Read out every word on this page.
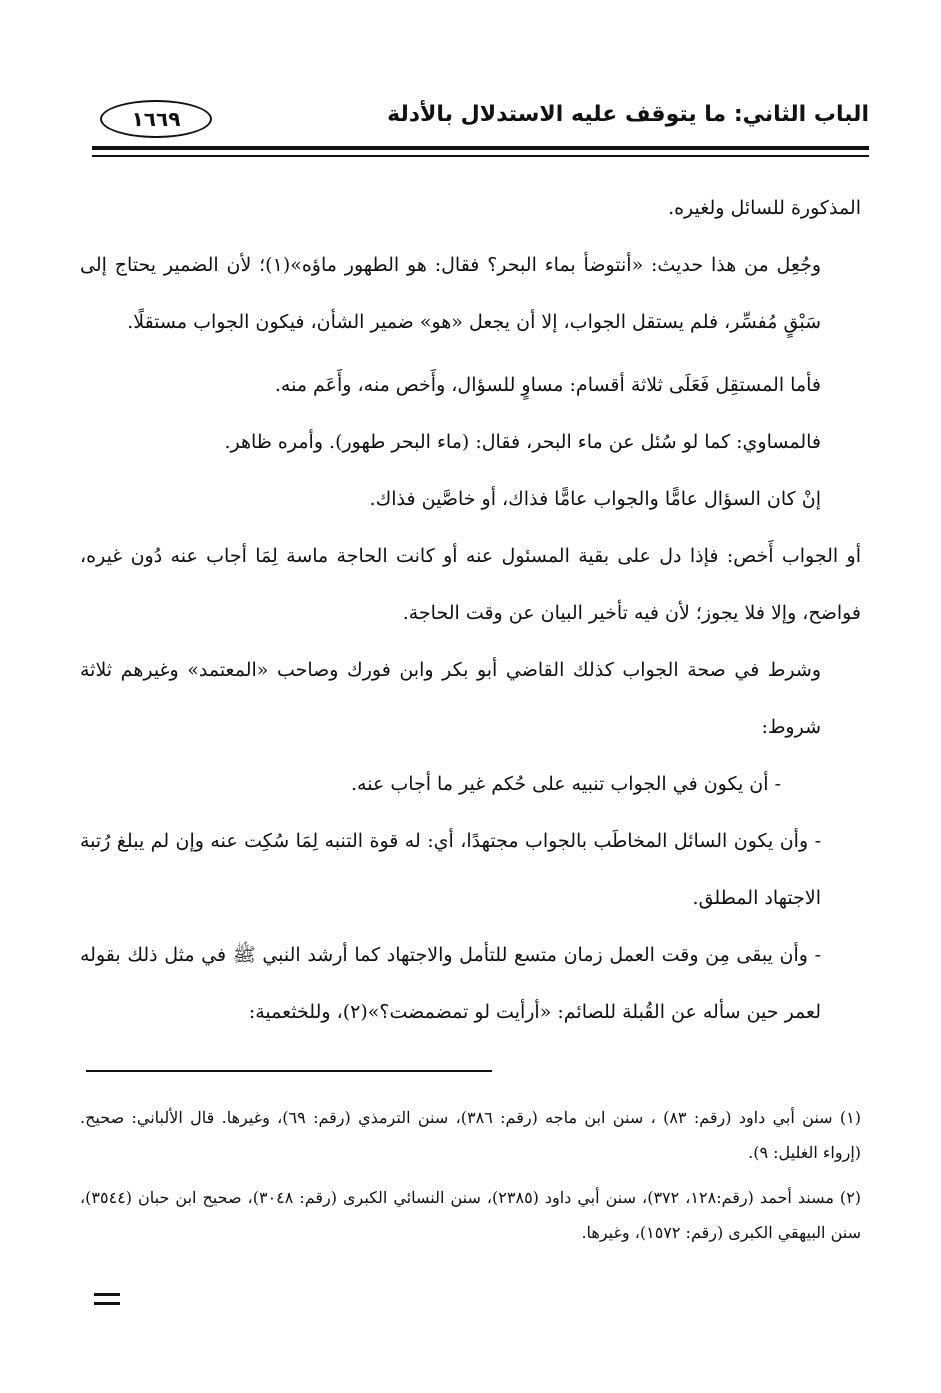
الباب الثاني: ما يتوقف عليه الاستدلال بالأدلة
١٦٦٩

المذكورة للسائل ولغيره.

وجُعِل من هذا حديث: «أنتوضأ بماء البحر؟ فقال: هو الطهور ماؤه»(١)؛ لأن الضمير يحتاج إلى سَبْقٍ مُفسِّر، فلم يستقل الجواب، إلا أن يجعل «هو» ضمير الشأن، فيكون الجواب مستقلًا.

فأما المستقِل فَعَلَى ثلاثة أقسام: مساوٍ للسؤال، وأَخص منه، وأَعَم منه.

فالمساوي: كما لو سُئل عن ماء البحر، فقال: (ماء البحر طهور). وأمره ظاهر.

إنْ كان السؤال عامًّا والجواب عامًّا فذاك، أو خاصَّين فذاك.

أو الجواب أَخص: فإذا دل على بقية المسئول عنه أو كانت الحاجة ماسة لِمَا أجاب عنه دُون غيره، فواضح، وإلا فلا يجوز؛ لأن فيه تأخير البيان عن وقت الحاجة.

وشرط في صحة الجواب كذلك القاضي أبو بكر وابن فورك وصاحب «المعتمد» وغيرهم ثلاثة شروط:

- أن يكون في الجواب تنبيه على حُكم غير ما أجاب عنه.

- وأن يكون السائل المخاطَب بالجواب مجتهدًا، أي: له قوة التنبه لِمَا سُكِت عنه وإن لم يبلغ رُتبة الاجتهاد المطلق.

- وأن يبقى مِن وقت العمل زمان متسع للتأمل والاجتهاد كما أرشد النبي ﷺ في مثل ذلك بقوله لعمر حين سأله عن القُبلة للصائم: «أرأيت لو تمضمضت؟»(٢)، وللخثعمية:

(١) سنن أبي داود (رقم: ٨٣) ، سنن ابن ماجه (رقم: ٣٨٦)، سنن الترمذي (رقم: ٦٩)، وغيرها. قال الألباني: صحيح. (إرواء الغليل: ٩).

(٢) مسند أحمد (رقم:١٢٨، ٣٧٢)، سنن أبي داود (٢٣٨٥)، سنن النسائي الكبرى (رقم: ٣٠٤٨)، صحيح ابن حبان (٣٥٤٤)، سنن البيهقي الكبرى (رقم: ١٥٧٢)، وغيرها.
